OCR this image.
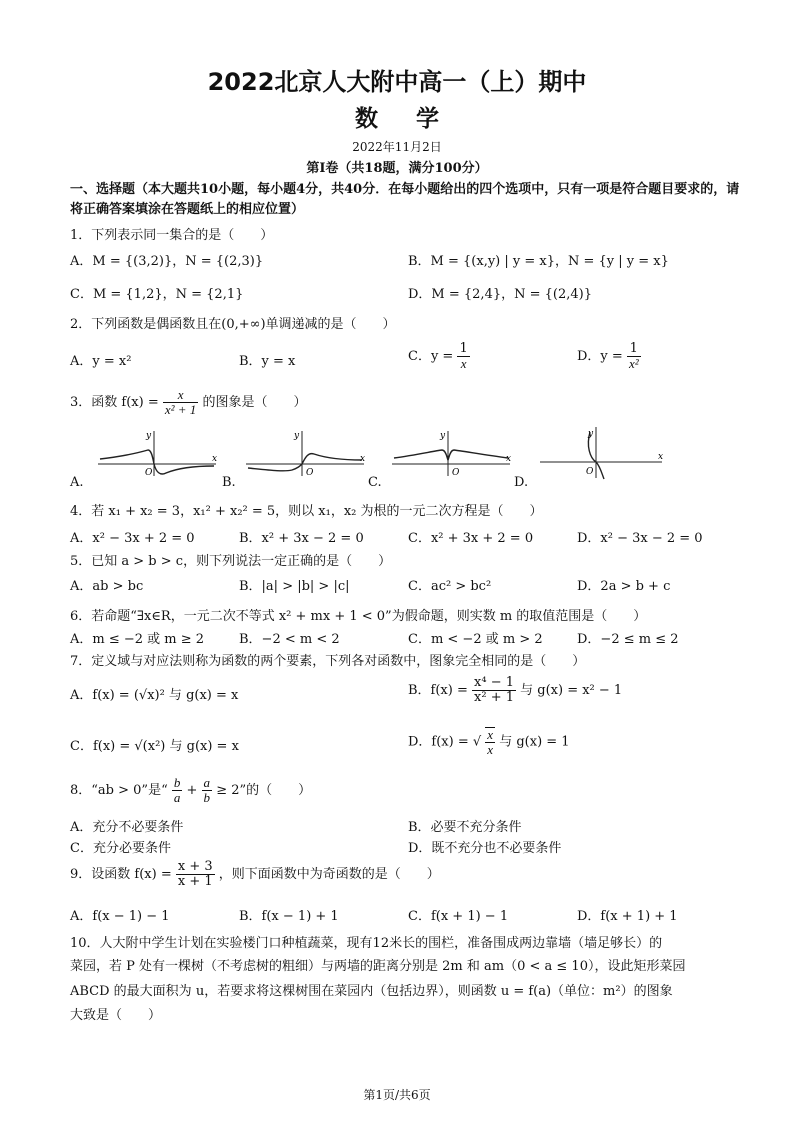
2022北京人大附中高一（上）期中
数学
2022年11月2日
第Ⅰ卷（共18题，满分100分）
一、选择题（本大题共10小题，每小题4分，共40分．在每小题给出的四个选项中，只有一项是符合题目要求的，请将正确答案填涂在答题纸上的相应位置）
1．下列表示同一集合的是（　　）
A．M = {(3,2)}，N = {(2,3)}	B．M = {(x,y) | y = x}，N = {y | y = x}
C．M = {1,2}，N = {2,1}	D．M = {2,4}，N = {(2,4)}
2．下列函数是偶函数且在(0,+∞)单调递减的是（　　）
A．y = x²	B．y = x	C．$y = \frac{1}{x}$	D．$y = \frac{1}{\text{x²}}$
3．函数 $f(x) = \frac{x}{\text{x² + 1}}$ 的图象是（　　）
A.	B.	C.	D.
y
x
O
y
x
O
y
x
O
y
x
O
4．若 x₁ + x₂ = 3，x₁² + x₂² = 5，则以 x₁，x₂ 为根的一元二次方程是（　　）
A．x² − 3x + 2 = 0	B．x² + 3x − 2 = 0	C．x² + 3x + 2 = 0	D．x² − 3x − 2 = 0
5．已知 a > b > c，则下列说法一定正确的是（　　）
A．ab > bc	B．|a| > |b| > |c|	C．ac² > bc²	D．2a > b + c
6．若命题“∃x∈R，一元二次不等式 x² + mx + 1 < 0”为假命题，则实数 m 的取值范围是（　　）
A．m ≤ −2 或 m ≥ 2	B．−2 < m < 2	C．m < −2 或 m > 2	D．−2 ≤ m ≤ 2
7．定义域与对应法则称为函数的两个要素，下列各对函数中，图象完全相同的是（　　）
A．f(x) = (√x)² 与 g(x) = x	B．$f(x) = \frac{\text{x⁴ − 1}}{\text{x² + 1}}$ 与 g(x) = x² − 1
C．f(x) = √(x²) 与 g(x) = x	D．f(x) = √ $\frac{x}{x}$ 与 g(x) = 1
8．“ab > 0”是“ $\frac{b}{a} + \frac{a}{b} \ge 2$”的（　　）
A．充分不必要条件	B．必要不充分条件
C．充分必要条件	D．既不充分也不必要条件
9．设函数 $f(x) = \frac{x + 3}{x + 1}$ ，则下面函数中为奇函数的是（　　）
A．f(x − 1) − 1	B．f(x − 1) + 1	C．f(x + 1) − 1	D．f(x + 1) + 1
10．人大附中学生计划在实验楼门口种植蔬菜，现有12米长的围栏，准备围成两边靠墙（墙足够长）的
菜园，若 P 处有一棵树（不考虑树的粗细）与两墙的距离分别是 2m 和 am（0 < a ≤ 10），设此矩形菜园
ABCD 的最大面积为 u，若要求将这棵树围在菜园内（包括边界），则函数 u = f(a)（单位：m²）的图象
大致是（　　）
第1页/共6页
